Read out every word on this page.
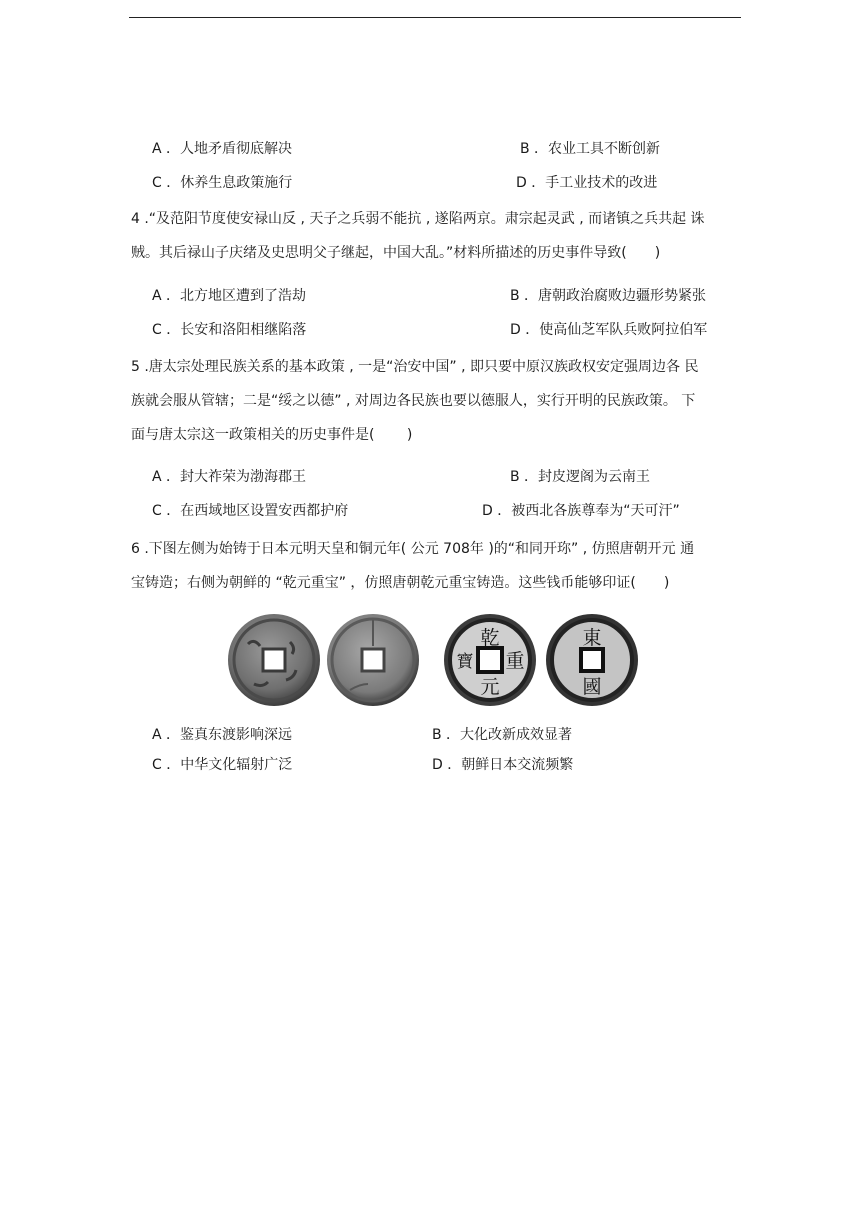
A ．人地矛盾彻底解决	B ．农业工具不断创新
C ．休养生息政策施行	D ．手工业技术的改进
4 .“及范阳节度使安禄山反 , 天子之兵弱不能抗 , 遂陷两京。肃宗起灵武 , 而诸镇之兵共起 诛
贼。其后禄山子庆绪及史思明父子继起，中国大乱。”材料所描述的历史事件导致(　　)
A ．北方地区遭到了浩劫	B ．唐朝政治腐败边疆形势紧张
C ．长安和洛阳相继陷落	D ．使高仙芝军队兵败阿拉伯军
5 .唐太宗处理民族关系的基本政策 , 一是“治安中国” , 即只要中原汉族政权安定强周边各 民
族就会服从管辖；二是“绥之以德” , 对周边各民族也要以德服人，实行开明的民族政策。 下
面与唐太宗这一政策相关的历史事件是(　　 )
A ．封大祚荣为渤海郡王	B ．封皮逻阁为云南王
C ．在西域地区设置安西都护府	D ．被西北各族尊奉为“天可汗”
6 .下图左侧为始铸于日本元明天皇和铜元年( 公元 708年 )的“和同开珎” , 仿照唐朝开元 通
宝铸造；右侧为朝鲜的 “乾元重宝” ，仿照唐朝乾元重宝铸造。这些钱币能够印证(　　)
乾
重
元
寶
東
國
A ．鉴真东渡影响深远	B ．大化改新成效显著
C ．中华文化辐射广泛	D ．朝鲜日本交流频繁
